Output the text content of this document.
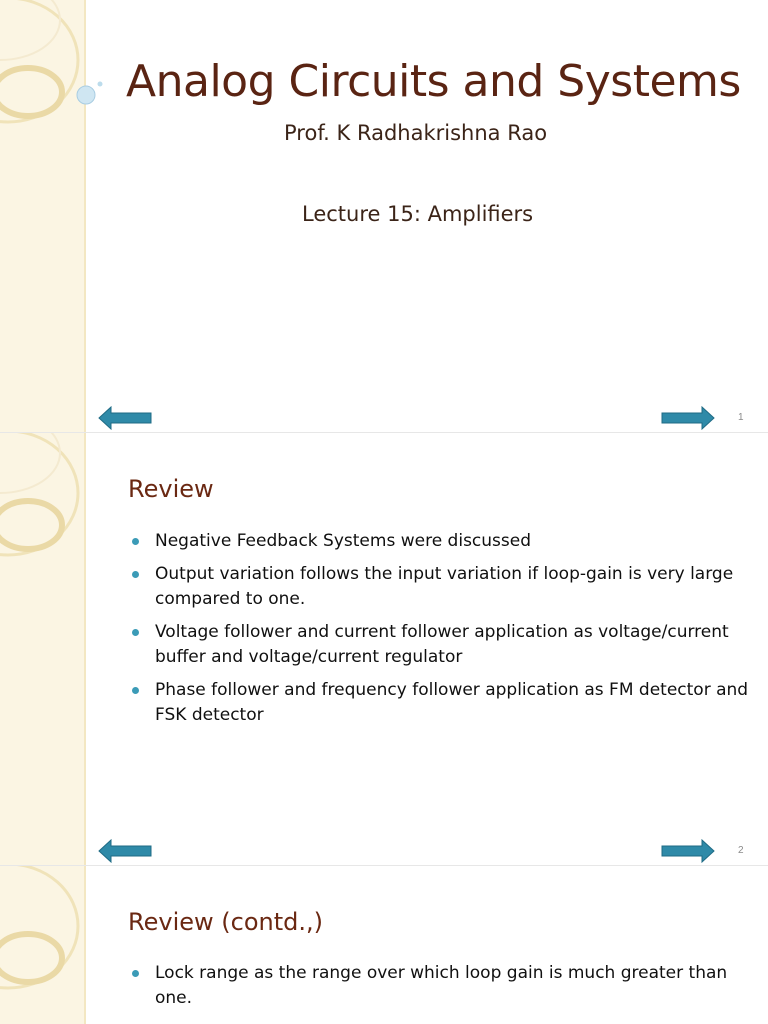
Analog Circuits and Systems
Prof. K Radhakrishna Rao
Lecture 15: Amplifiers
1
Review
Negative Feedback Systems were discussed
Output variation follows the input variation if loop-gain is very large compared to one.
Voltage follower and current follower application as voltage/current buffer and voltage/current regulator
Phase follower and frequency follower application as FM detector and FSK detector
2
Review (contd.,)
Lock range as the range over which loop gain is much greater than one.
